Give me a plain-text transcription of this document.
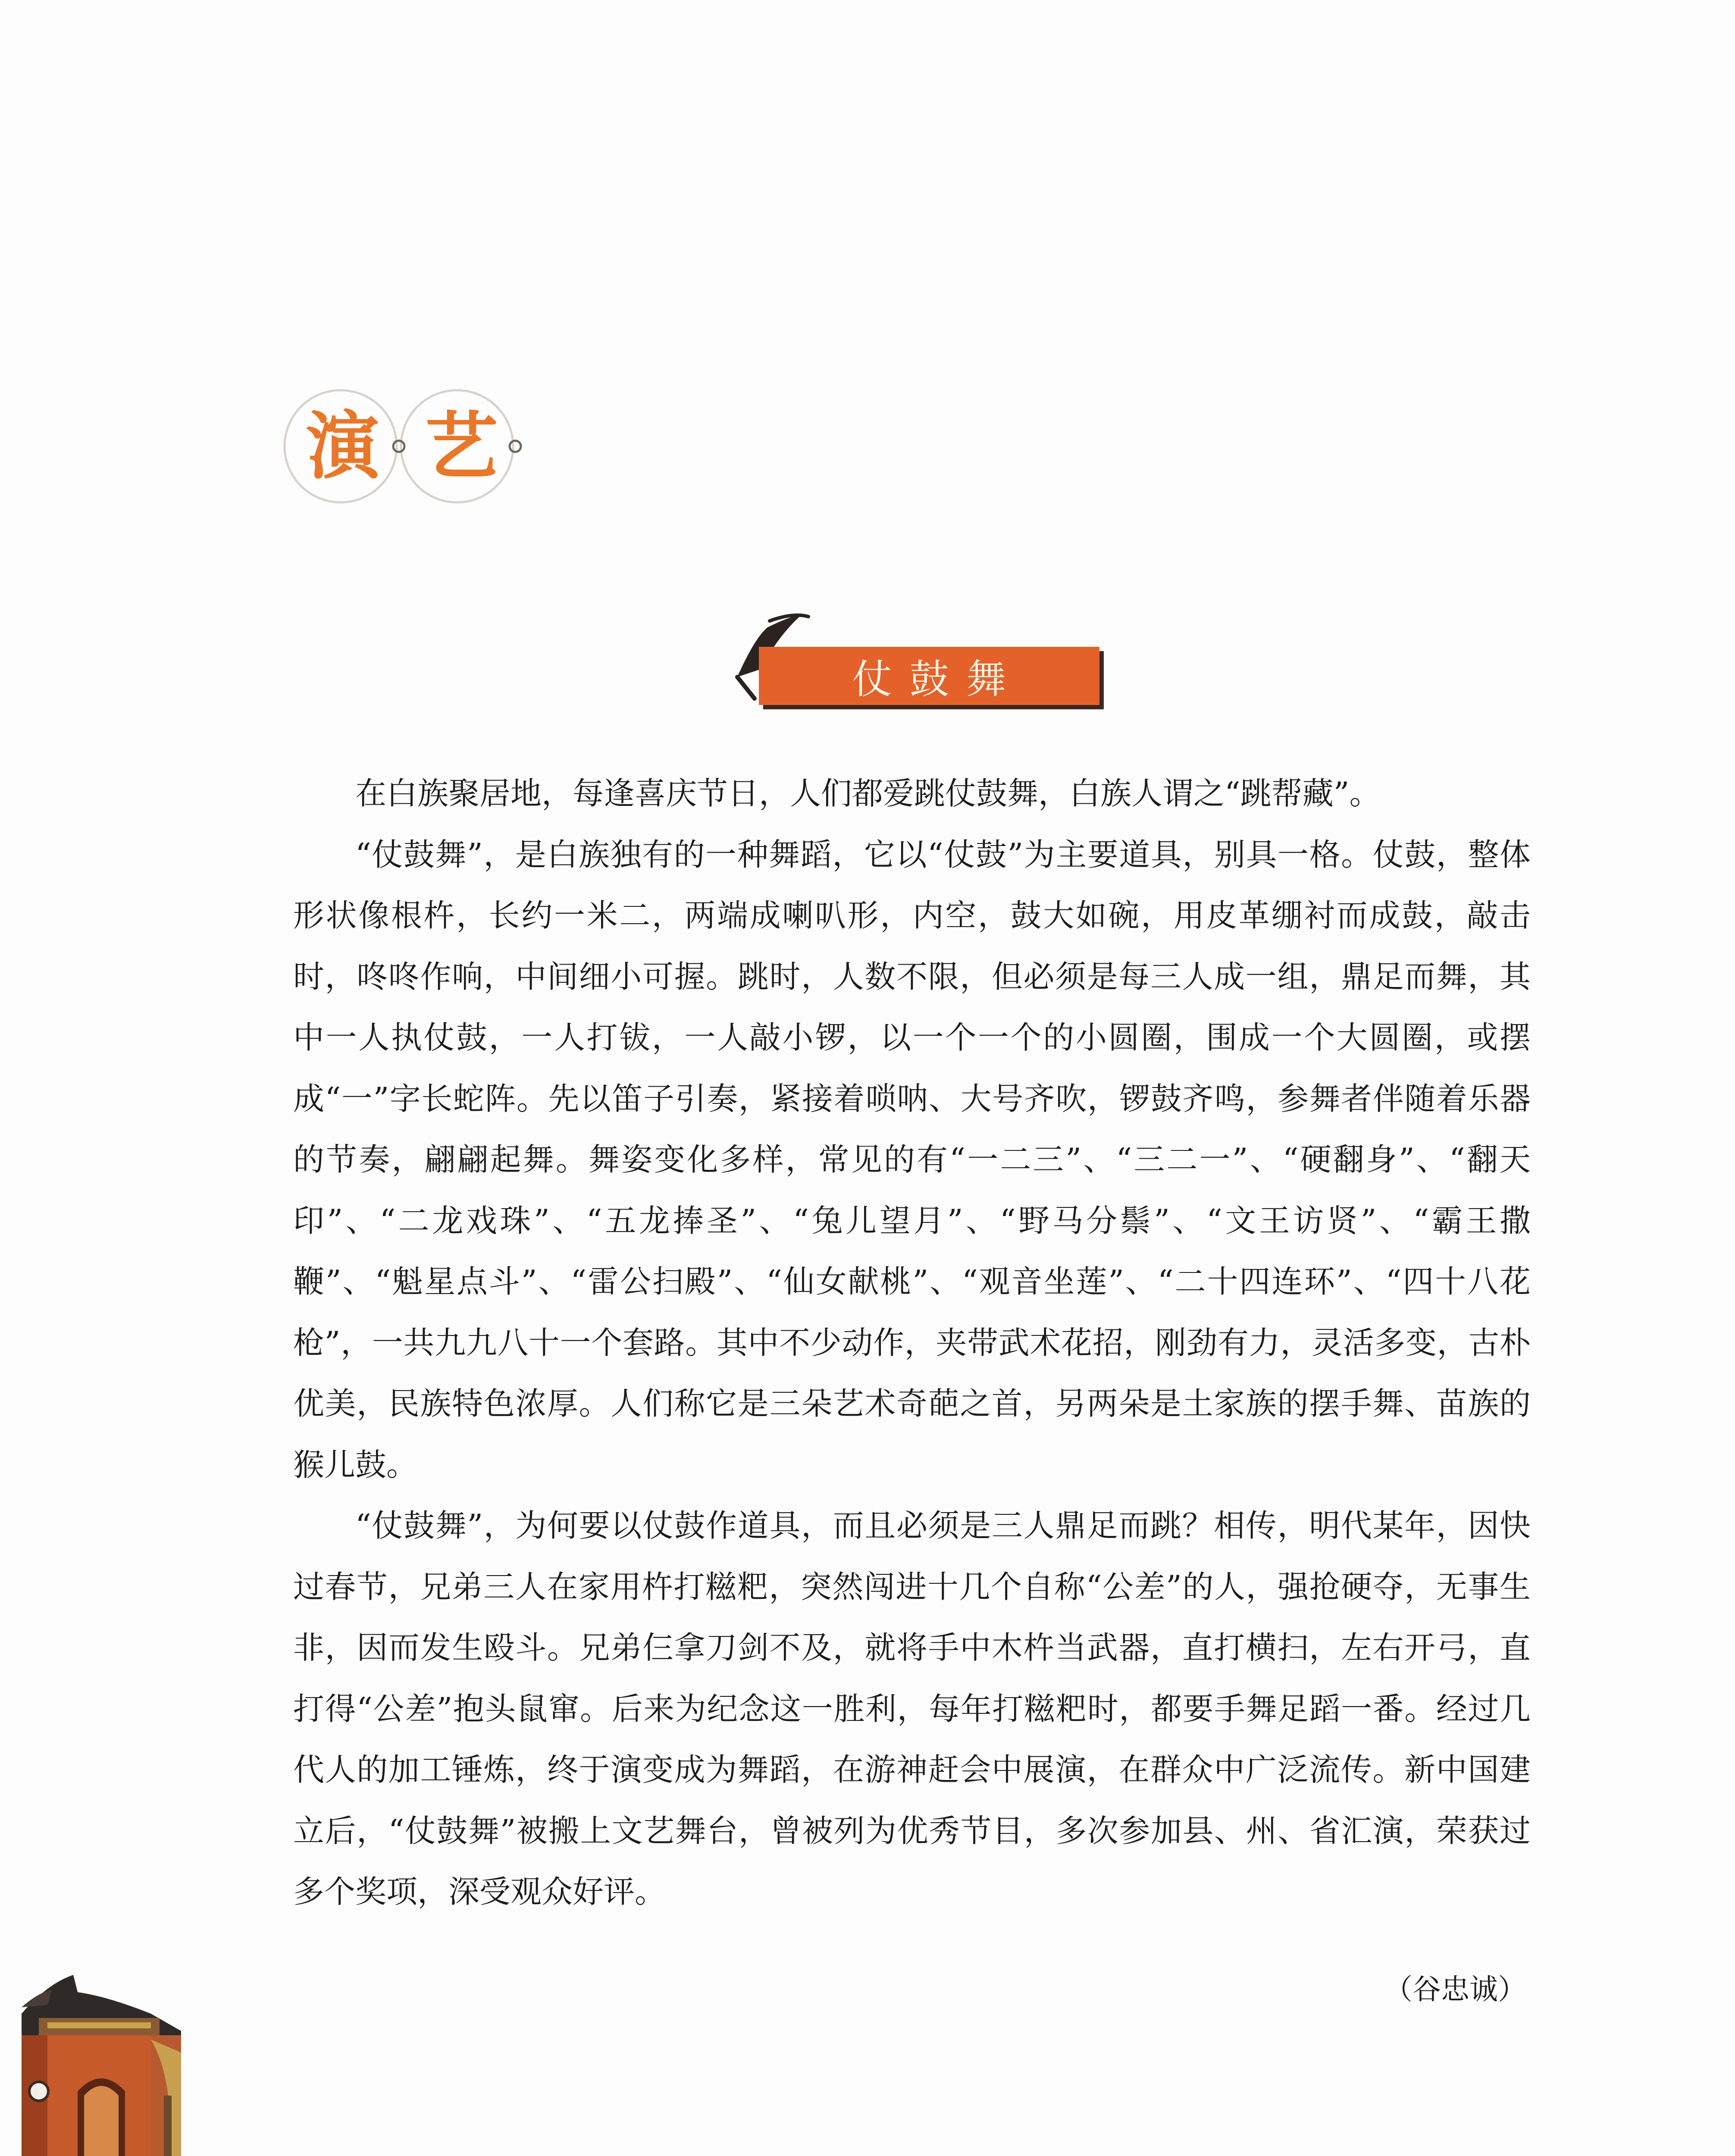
演 艺
仗鼓舞

在白族聚居地，每逢喜庆节日，人们都爱跳仗鼓舞，白族人谓之“跳帮藏”。

“仗鼓舞”，是白族独有的一种舞蹈，它以“仗鼓”为主要道具，别具一格。仗鼓，整体形状像根杵，长约一米二，两端成喇叭形，内空，鼓大如碗，用皮革绷衬而成鼓，敲击时，咚咚作响，中间细小可握。跳时，人数不限，但必须是每三人成一组，鼎足而舞，其中一人执仗鼓，一人打钹，一人敲小锣，以一个一个的小圆圈，围成一个大圆圈，或摆成“一”字长蛇阵。先以笛子引奏，紧接着唢呐、大号齐吹，锣鼓齐鸣，参舞者伴随着乐器的节奏，翩翩起舞。舞姿变化多样，常见的有“一二三”、“三二一”、“硬翻身”、“翻天印”、“二龙戏珠”、“五龙捧圣”、“兔儿望月”、“野马分鬃”、“文王访贤”、“霸王撒鞭”、“魁星点斗”、“雷公扫殿”、“仙女献桃”、“观音坐莲”、“二十四连环”、“四十八花枪”，一共九九八十一个套路。其中不少动作，夹带武术花招，刚劲有力，灵活多变，古朴优美，民族特色浓厚。人们称它是三朵艺术奇葩之首，另两朵是土家族的摆手舞、苗族的猴儿鼓。

“仗鼓舞”，为何要以仗鼓作道具，而且必须是三人鼎足而跳？相传，明代某年，因快过春节，兄弟三人在家用杵打糍粑，突然闯进十几个自称“公差”的人，强抢硬夺，无事生非，因而发生殴斗。兄弟仨拿刀剑不及，就将手中木杵当武器，直打横扫，左右开弓，直打得“公差”抱头鼠窜。后来为纪念这一胜利，每年打糍粑时，都要手舞足蹈一番。经过几代人的加工锤炼，终于演变成为舞蹈，在游神赶会中展演，在群众中广泛流传。新中国建立后，“仗鼓舞”被搬上文艺舞台，曾被列为优秀节目，多次参加县、州、省汇演，荣获过多个奖项，深受观众好评。

（谷忠诚）
